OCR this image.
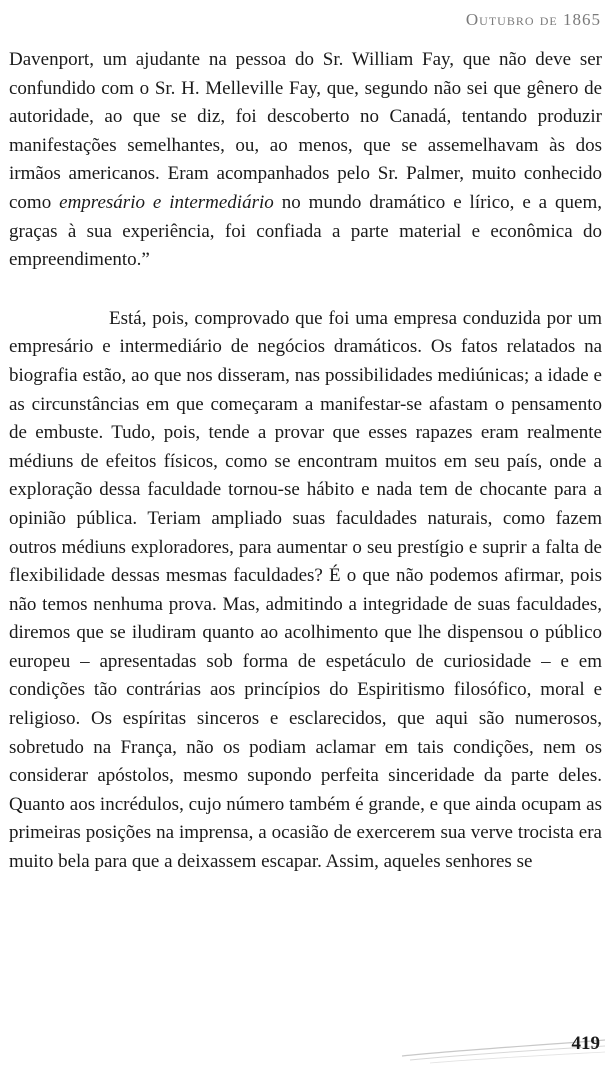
Outubro de 1865

Davenport, um ajudante na pessoa do Sr. William Fay, que não deve ser confundido com o Sr. H. Melleville Fay, que, segundo não sei que gênero de autoridade, ao que se diz, foi descoberto no Canadá, tentando produzir manifestações semelhantes, ou, ao menos, que se assemelhavam às dos irmãos americanos. Eram acompanhados pelo Sr. Palmer, muito conhecido como empresário e intermediário no mundo dramático e lírico, e a quem, graças à sua experiência, foi confiada a parte material e econômica do empreendimento.”

Está, pois, comprovado que foi uma empresa conduzida por um empresário e intermediário de negócios dramáticos. Os fatos relatados na biografia estão, ao que nos disseram, nas possibilidades mediúnicas; a idade e as circunstâncias em que começaram a manifestar-se afastam o pensamento de embuste. Tudo, pois, tende a provar que esses rapazes eram realmente médiuns de efeitos físicos, como se encontram muitos em seu país, onde a exploração dessa faculdade tornou-se hábito e nada tem de chocante para a opinião pública. Teriam ampliado suas faculdades naturais, como fazem outros médiuns exploradores, para aumentar o seu prestígio e suprir a falta de flexibilidade dessas mesmas faculdades? É o que não podemos afirmar, pois não temos nenhuma prova. Mas, admitindo a integridade de suas faculdades, diremos que se iludiram quanto ao acolhimento que lhe dispensou o público europeu – apresentadas sob forma de espetáculo de curiosidade – e em condições tão contrárias aos princípios do Espiritismo filosófico, moral e religioso. Os espíritas sinceros e esclarecidos, que aqui são numerosos, sobretudo na França, não os podiam aclamar em tais condições, nem os considerar apóstolos, mesmo supondo perfeita sinceridade da parte deles. Quanto aos incrédulos, cujo número também é grande, e que ainda ocupam as primeiras posições na imprensa, a ocasião de exercerem sua verve trocista era muito bela para que a deixassem escapar. Assim, aqueles senhores se

419
